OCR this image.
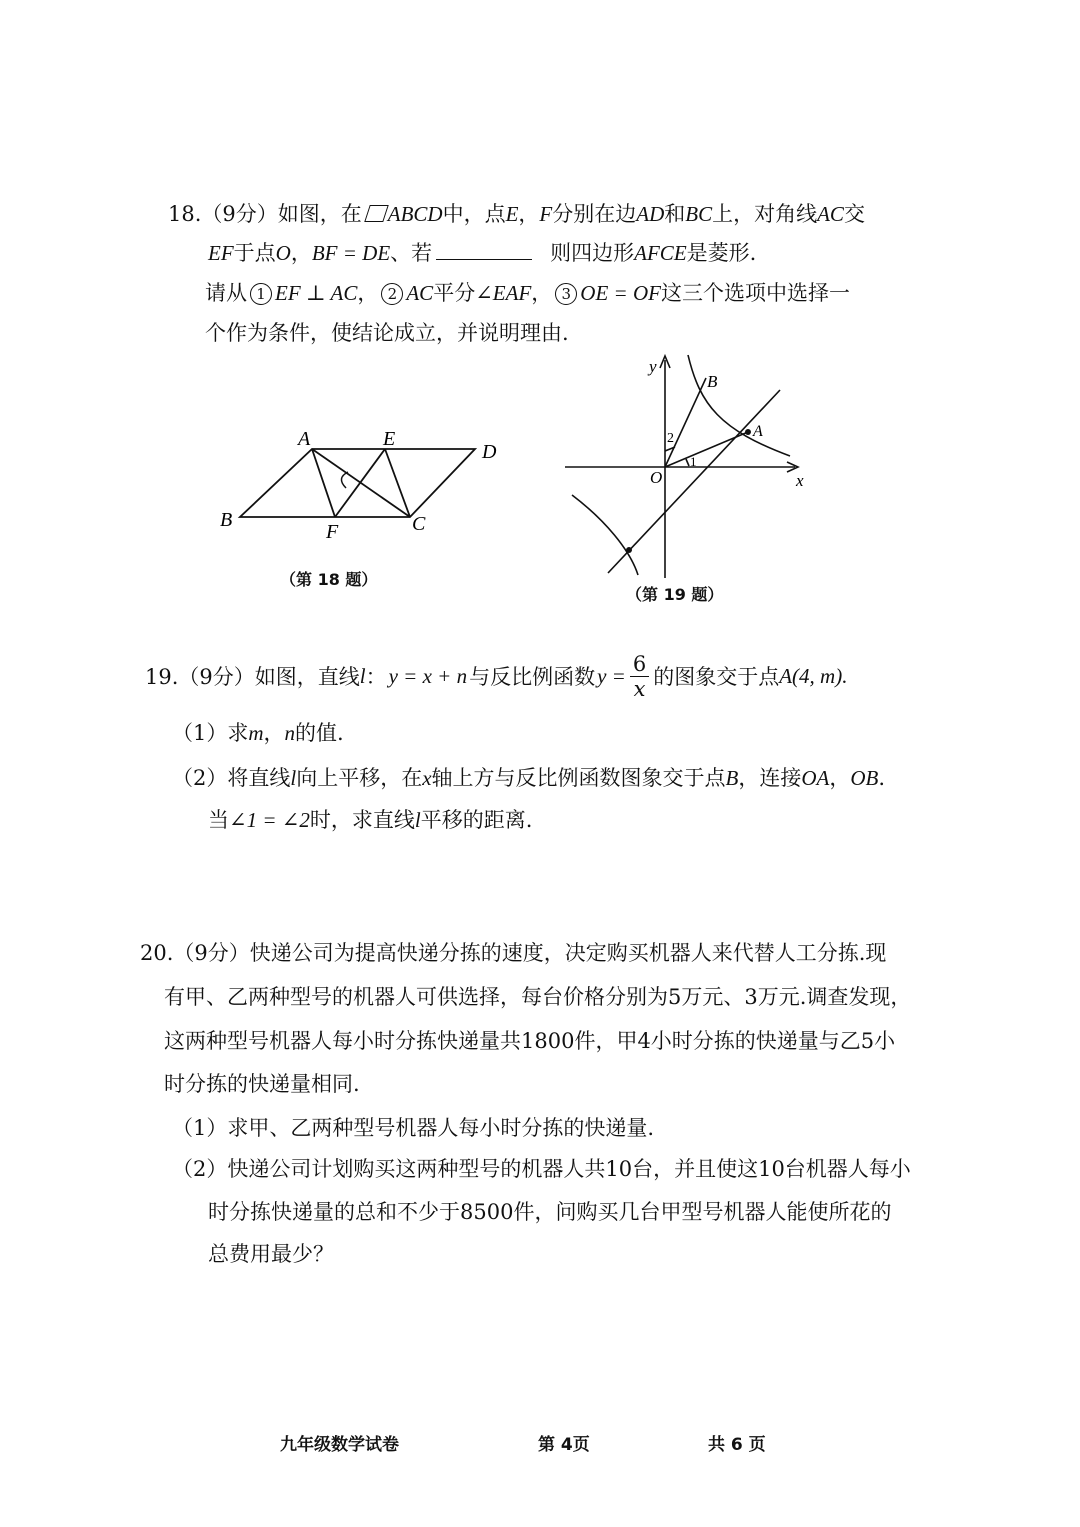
18.（9分）如图，在 ABCD中，点E，F分别在边AD和BC上，对角线AC交
EF于点O，BF = DE、若	则四边形AFCE是菱形.
请从 1 EF ⊥ AC， 2 AC平分∠EAF， 3 OE = OF这三个选项中选择一
个作为条件，使结论成立，并说明理由.
A	E
D
B
F	C
（第 18 题）
y
x
O
B
A
2
1
（第 19 题）
19.（9分）如图，直线 l ： y = x + n 与反比例函数 $y = \frac{6}{x}$ 的图象交于点 A(4, m).
（1）求m，n的值.
（2）将直线l向上平移，在x轴上方与反比例函数图象交于点B，连接OA，OB.
当∠1 = ∠2时，求直线l平移的距离.
20.（9分）快递公司为提高快递分拣的速度，决定购买机器人来代替人工分拣.现
有甲、乙两种型号的机器人可供选择，每台价格分别为5万元、3万元.调查发现，
这两种型号机器人每小时分拣快递量共1800件，甲4小时分拣的快递量与乙5小
时分拣的快递量相同.
（1）求甲、乙两种型号机器人每小时分拣的快递量.
（2）快递公司计划购买这两种型号的机器人共10台，并且使这10台机器人每小
时分拣快递量的总和不少于8500件，问购买几台甲型号机器人能使所花的
总费用最少？
九年级数学试卷	第 4页	共 6 页
